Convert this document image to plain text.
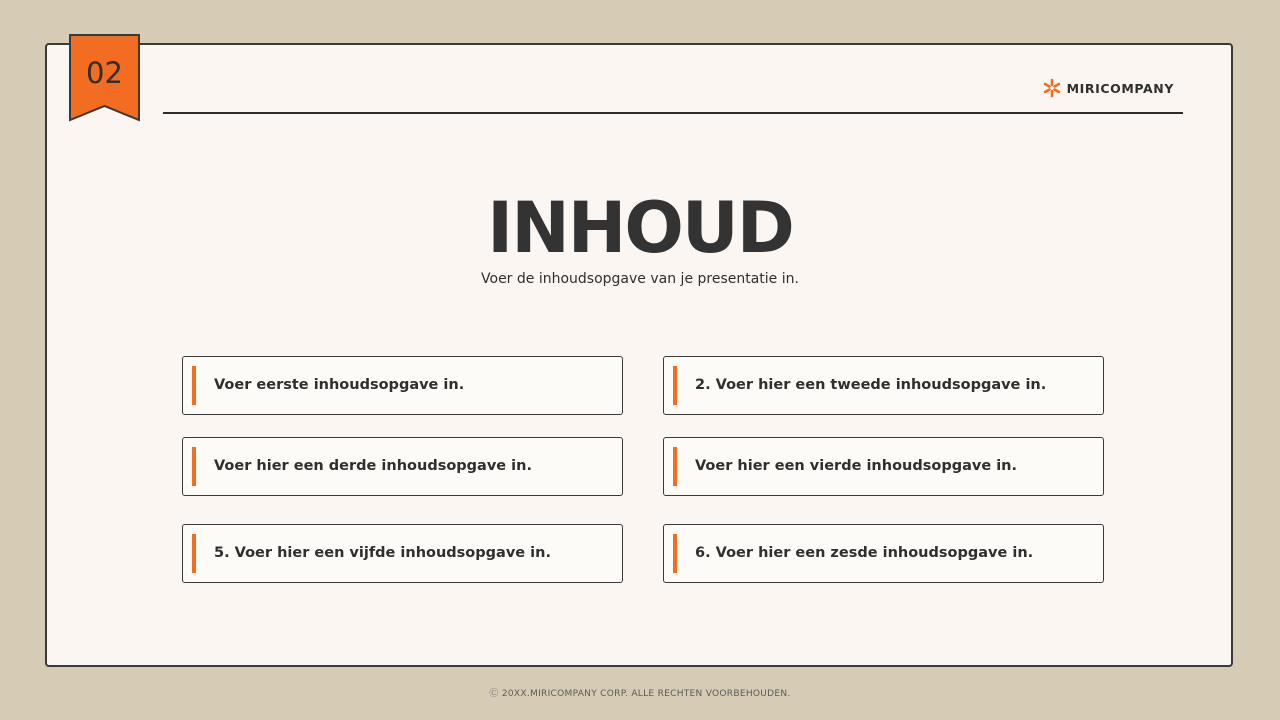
02	MIRICOMPANY
INHOUD
Voer de inhoudsopgave van je presentatie in.
Voer eerste inhoudsopgave in.	2. Voer hier een tweede inhoudsopgave in.
Voer hier een derde inhoudsopgave in.	Voer hier een vierde inhoudsopgave in.
5. Voer hier een vijfde inhoudsopgave in.	6. Voer hier een zesde inhoudsopgave in.
Ⓒ 20XX.MIRICOMPANY CORP. ALLE RECHTEN VOORBEHOUDEN.
